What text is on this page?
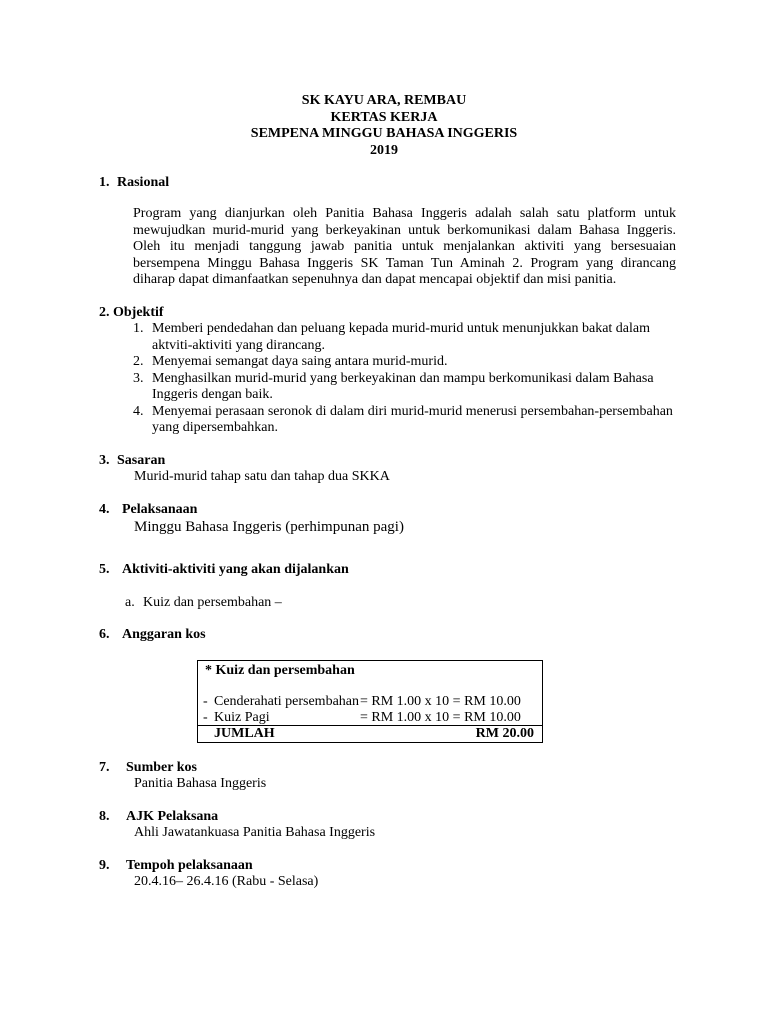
SK KAYU ARA, REMBAU
KERTAS KERJA
SEMPENA MINGGU BAHASA INGGERIS
2019
1. Rasional
Program yang dianjurkan oleh Panitia Bahasa Inggeris adalah salah satu platform untuk mewujudkan murid-murid yang berkeyakinan untuk berkomunikasi dalam Bahasa Inggeris. Oleh itu menjadi tanggung jawab panitia untuk menjalankan aktiviti yang bersesuaian bersempena Minggu Bahasa Inggeris SK Taman Tun Aminah 2. Program yang dirancang diharap dapat dimanfaatkan sepenuhnya dan dapat mencapai objektif dan misi panitia.
2. Objektif
1. Memberi pendedahan dan peluang kepada murid-murid untuk menunjukkan bakat dalam aktviti-aktiviti yang dirancang.
2. Menyemai semangat daya saing antara murid-murid.
3. Menghasilkan murid-murid yang berkeyakinan dan mampu berkomunikasi dalam Bahasa Inggeris dengan baik.
4. Menyemai perasaan seronok di dalam diri murid-murid menerusi persembahan-persembahan yang dipersembahkan.
3. Sasaran
Murid-murid tahap satu dan tahap dua SKKA
4. Pelaksanaan
Minggu Bahasa Inggeris (perhimpunan pagi)
5. Aktiviti-aktiviti yang akan dijalankan
a. Kuiz dan persembahan –
6. Anggaran kos
* Kuiz dan persembahan
- Cenderahati persembahan = RM 1.00 x 10 = RM 10.00
- Kuiz Pagi	= RM 1.00 x 10 = RM 10.00
JUMLAH	RM 20.00
7. Sumber kos
Panitia Bahasa Inggeris
8. AJK Pelaksana
Ahli Jawatankuasa Panitia Bahasa Inggeris
9. Tempoh pelaksanaan
20.4.16– 26.4.16 (Rabu - Selasa)
